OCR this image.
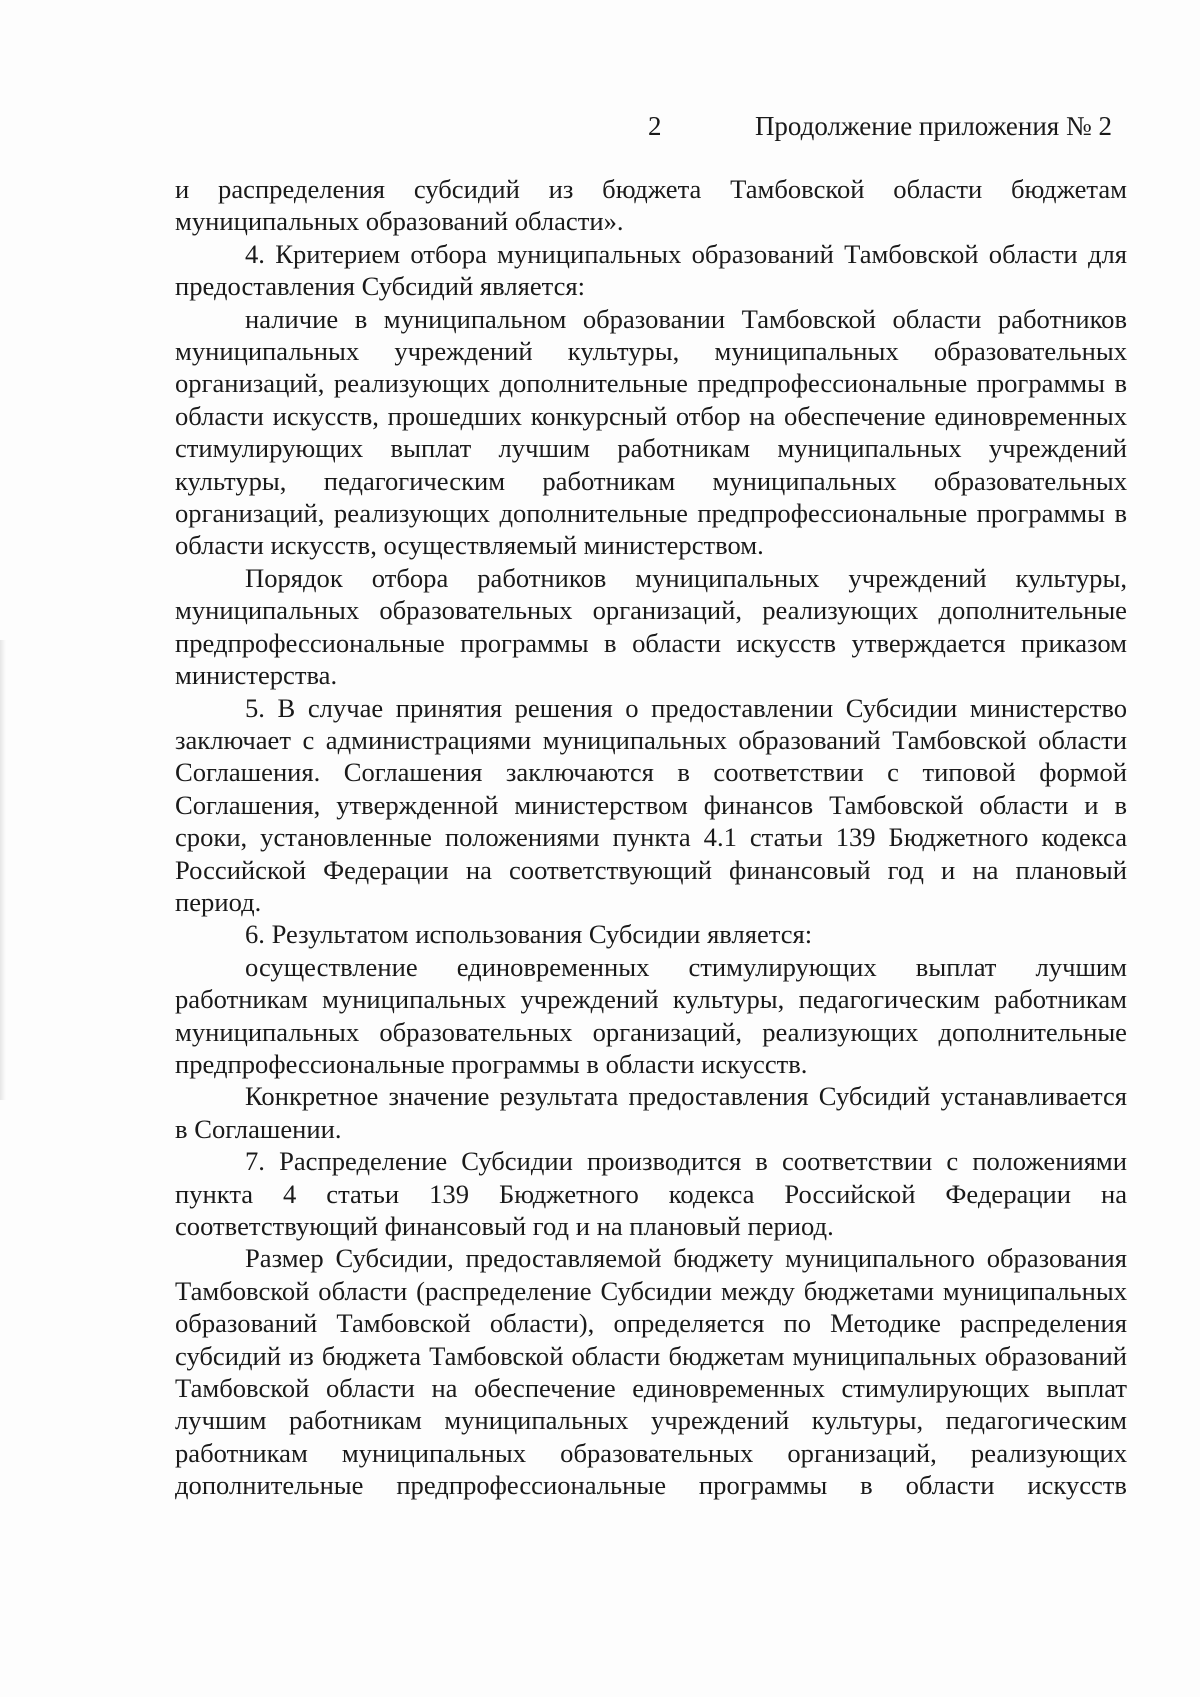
2	Продолжение приложения № 2

и распределения субсидий из бюджета Тамбовской области бюджетам муниципальных образований области».

4. Критерием отбора муниципальных образований Тамбовской области для предоставления Субсидий является:

наличие в муниципальном образовании Тамбовской области работников муниципальных учреждений культуры, муниципальных образовательных организаций, реализующих дополнительные предпрофессиональные программы в области искусств, прошедших конкурсный отбор на обеспечение единовременных стимулирующих выплат лучшим работникам муниципальных учреждений культуры, педагогическим работникам муниципальных образовательных организаций, реализующих дополнительные предпрофессиональные программы в области искусств, осуществляемый министерством.

Порядок отбора работников муниципальных учреждений культуры, муниципальных образовательных организаций, реализующих дополнительные предпрофессиональные программы в области искусств утверждается приказом министерства.

5. В случае принятия решения о предоставлении Субсидии министерство заключает с администрациями муниципальных образований Тамбовской области Соглашения. Соглашения заключаются в соответствии с типовой формой Соглашения, утвержденной министерством финансов Тамбовской области и в сроки, установленные положениями пункта 4.1 статьи 139 Бюджетного кодекса Российской Федерации на соответствующий финансовый год и на плановый период.

6. Результатом использования Субсидии является:

осуществление единовременных стимулирующих выплат лучшим работникам муниципальных учреждений культуры, педагогическим работникам муниципальных образовательных организаций, реализующих дополнительные предпрофессиональные программы в области искусств.

Конкретное значение результата предоставления Субсидий устанавливается в Соглашении.

7. Распределение Субсидии производится в соответствии с положениями пункта 4 статьи 139 Бюджетного кодекса Российской Федерации на соответствующий финансовый год и на плановый период.

Размер Субсидии, предоставляемой бюджету муниципального образования Тамбовской области (распределение Субсидии между бюджетами муниципальных образований Тамбовской области), определяется по Методике распределения субсидий из бюджета Тамбовской области бюджетам муниципальных образований Тамбовской области на обеспечение единовременных стимулирующих выплат лучшим работникам муниципальных учреждений культуры, педагогическим работникам муниципальных образовательных организаций, реализующих дополнительные предпрофессиональные программы в области искусств
